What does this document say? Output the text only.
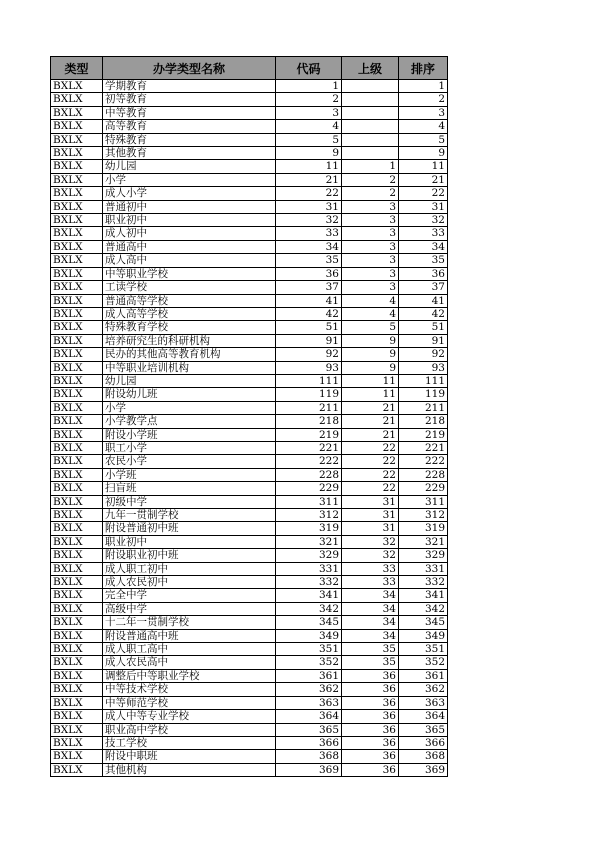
类型	办学类型名称	代码	上级	排序
BXLX	学期教育	1		1
BXLX	初等教育	2		2
BXLX	中等教育	3		3
BXLX	高等教育	4		4
BXLX	特殊教育	5		5
BXLX	其他教育	9		9
BXLX	幼儿园	11	1	11
BXLX	小学	21	2	21
BXLX	成人小学	22	2	22
BXLX	普通初中	31	3	31
BXLX	职业初中	32	3	32
BXLX	成人初中	33	3	33
BXLX	普通高中	34	3	34
BXLX	成人高中	35	3	35
BXLX	中等职业学校	36	3	36
BXLX	工读学校	37	3	37
BXLX	普通高等学校	41	4	41
BXLX	成人高等学校	42	4	42
BXLX	特殊教育学校	51	5	51
BXLX	培养研究生的科研机构	91	9	91
BXLX	民办的其他高等教育机构	92	9	92
BXLX	中等职业培训机构	93	9	93
BXLX	幼儿园	111	11	111
BXLX	附设幼儿班	119	11	119
BXLX	小学	211	21	211
BXLX	小学教学点	218	21	218
BXLX	附设小学班	219	21	219
BXLX	职工小学	221	22	221
BXLX	农民小学	222	22	222
BXLX	小学班	228	22	228
BXLX	扫盲班	229	22	229
BXLX	初级中学	311	31	311
BXLX	九年一贯制学校	312	31	312
BXLX	附设普通初中班	319	31	319
BXLX	职业初中	321	32	321
BXLX	附设职业初中班	329	32	329
BXLX	成人职工初中	331	33	331
BXLX	成人农民初中	332	33	332
BXLX	完全中学	341	34	341
BXLX	高级中学	342	34	342
BXLX	十二年一贯制学校	345	34	345
BXLX	附设普通高中班	349	34	349
BXLX	成人职工高中	351	35	351
BXLX	成人农民高中	352	35	352
BXLX	调整后中等职业学校	361	36	361
BXLX	中等技术学校	362	36	362
BXLX	中等师范学校	363	36	363
BXLX	成人中等专业学校	364	36	364
BXLX	职业高中学校	365	36	365
BXLX	技工学校	366	36	366
BXLX	附设中职班	368	36	368
BXLX	其他机构	369	36	369
